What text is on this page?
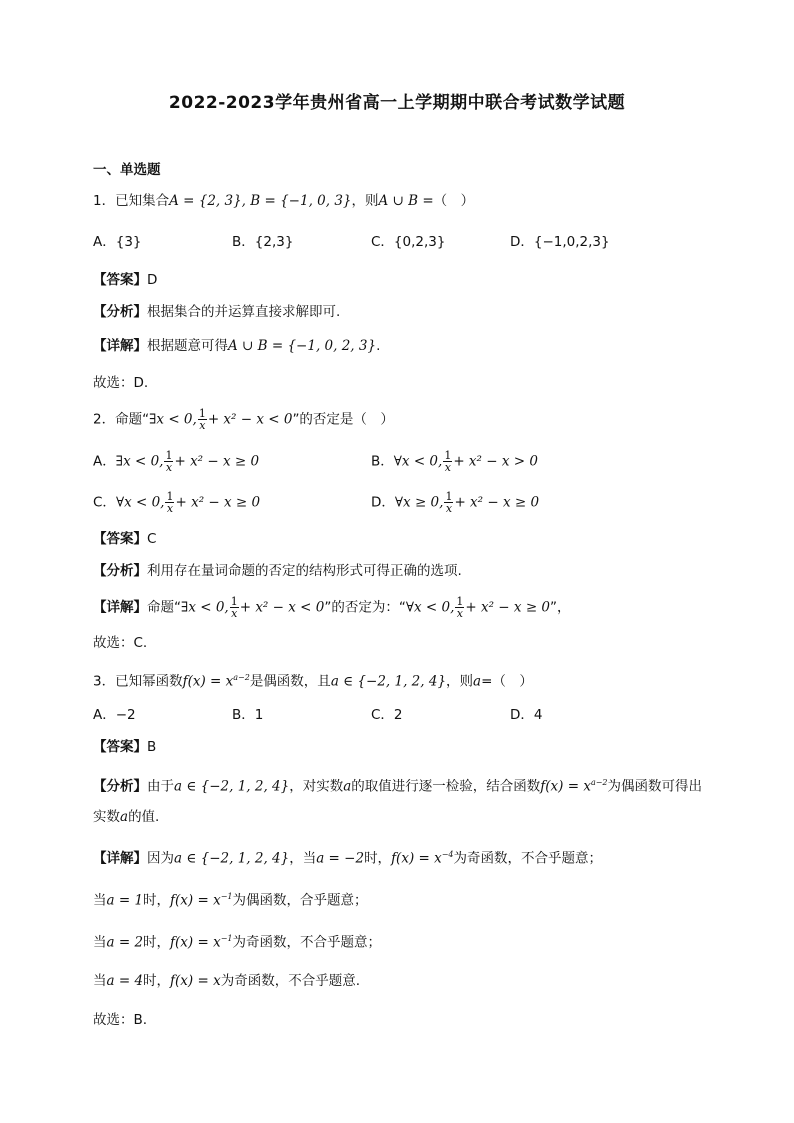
2022-2023学年贵州省高一上学期期中联合考试数学试题
一、单选题
1．已知集合A = {2, 3}, B = {−1, 0, 3}，则A ∪ B =（　）
A．{3}	B．{2,3}	C．{0,2,3}	D．{−1,0,2,3}
【答案】D
【分析】根据集合的并运算直接求解即可.
【详解】根据题意可得A ∪ B = {−1, 0, 2, 3}.
故选：D.
2．命题“∃x < 0, $\frac{1}{x} + x^2 - x < 0$”的否定是（　）
A．∃x < 0, $\frac{1}{x} + x^2 - x \ge 0$	B．∀x < 0, $\frac{1}{x} + x^2 - x > 0$
C．∀x < 0, $\frac{1}{x} + x^2 - x \ge 0$	D．∀x ≥ 0, $\frac{1}{x} + x^2 - x \ge 0$
【答案】C
【分析】利用存在量词命题的否定的结构形式可得正确的选项.
【详解】命题“∃x < 0, $\frac{1}{x} + x^2 - x < 0$”的否定为：“∀x < 0, $\frac{1}{x} + x^2 - x \ge 0$”，
故选：C.
3．已知幂函数$f(x) = x^{a-2}$是偶函数，且a ∈ {−2, 1, 2, 4}，则a=（　）
A．−2	B．1	C．2	D．4
【答案】B
【分析】由于a ∈ {−2, 1, 2, 4}，对实数a的取值进行逐一检验，结合函数$f(x) = x^{a-2}$为偶函数可得出
实数a的值.
【详解】因为a ∈ {−2, 1, 2, 4}，当a = −2时，$f(x) = x^{-4}$为奇函数，不合乎题意；
当a = 1时，$f(x) = x^{-1}$为偶函数，合乎题意；
当a = 2时，$f(x) = x^{-1}$为奇函数，不合乎题意；
当a = 4时，f(x) = x为奇函数，不合乎题意.
故选：B.
